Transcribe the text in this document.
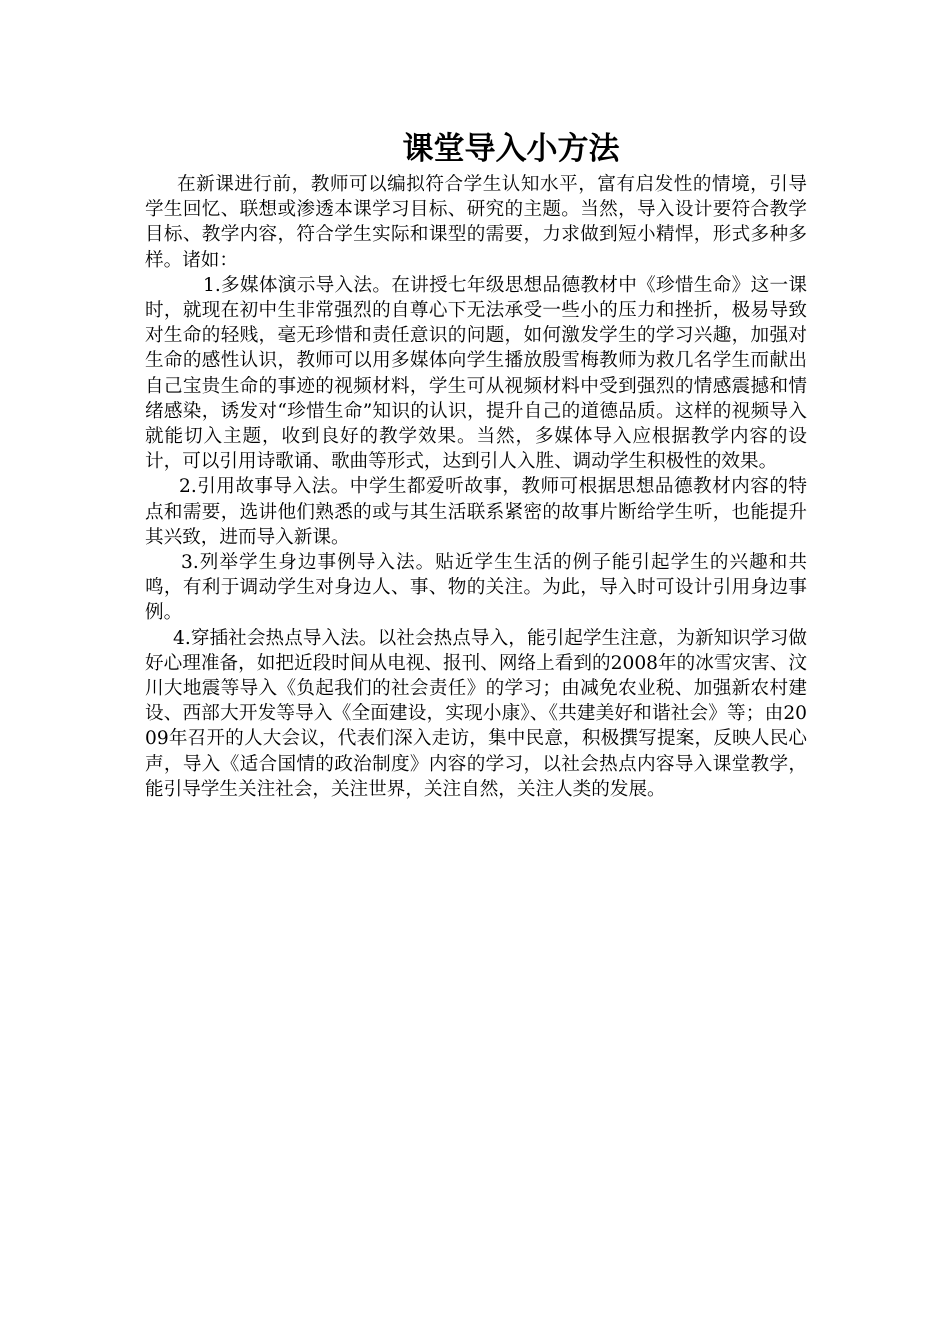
课堂导入小方法

在新课进行前，教师可以编拟符合学生认知水平，富有启发性的情境，引导学生回忆、联想或渗透本课学习目标、研究的主题。当然，导入设计要符合教学目标、教学内容，符合学生实际和课型的需要，力求做到短小精悍，形式多种多样。诸如：

1.多媒体演示导入法。在讲授七年级思想品德教材中《珍惜生命》这一课时，就现在初中生非常强烈的自尊心下无法承受一些小的压力和挫折，极易导致对生命的轻贱，毫无珍惜和责任意识的问题，如何激发学生的学习兴趣，加强对生命的感性认识，教师可以用多媒体向学生播放殷雪梅教师为救几名学生而献出自己宝贵生命的事迹的视频材料，学生可从视频材料中受到强烈的情感震撼和情绪感染，诱发对“珍惜生命”知识的认识，提升自己的道德品质。这样的视频导入就能切入主题，收到良好的教学效果。当然，多媒体导入应根据教学内容的设计，可以引用诗歌诵、歌曲等形式，达到引人入胜、调动学生积极性的效果。

2.引用故事导入法。中学生都爱听故事，教师可根据思想品德教材内容的特点和需要，选讲他们熟悉的或与其生活联系紧密的故事片断给学生听，也能提升其兴致，进而导入新课。

3.列举学生身边事例导入法。贴近学生生活的例子能引起学生的兴趣和共鸣，有利于调动学生对身边人、事、物的关注。为此，导入时可设计引用身边事例。

4.穿插社会热点导入法。以社会热点导入，能引起学生注意，为新知识学习做好心理准备，如把近段时间从电视、报刊、网络上看到的2008年的冰雪灾害、汶川大地震等导入《负起我们的社会责任》的学习；由减免农业税、加强新农村建设、西部大开发等导入《全面建设，实现小康》、《共建美好和谐社会》等；由2009年召开的人大会议，代表们深入走访，集中民意，积极撰写提案，反映人民心声，导入《适合国情的政治制度》内容的学习，以社会热点内容导入课堂教学，能引导学生关注社会，关注世界，关注自然，关注人类的发展。
